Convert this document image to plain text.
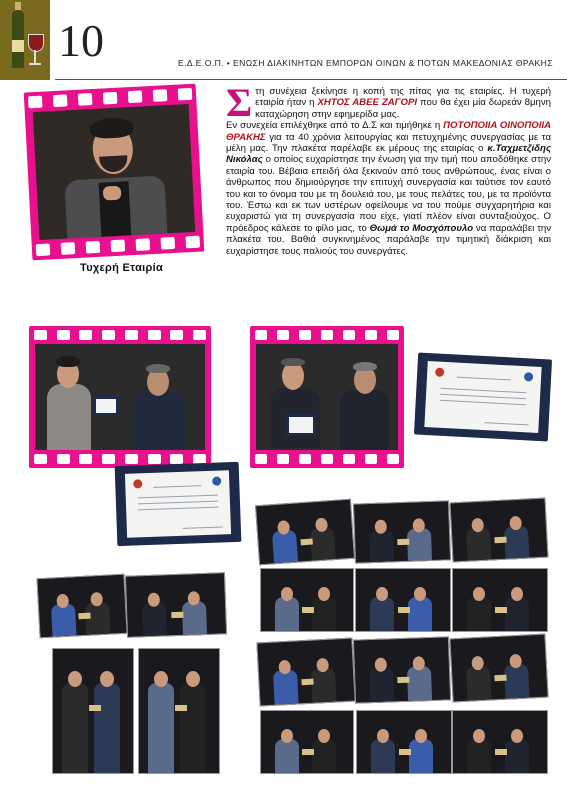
10	Ε.Δ.Ε.Ο.Π. • ΕΝΩΣΗ ΔΙΑΚΙΝΗΤΩΝ ΕΜΠΟΡΩΝ ΟΙΝΩΝ & ΠΟΤΩΝ ΜΑΚΕΔΟΝΙΑΣ ΘΡΑΚΗΣ
Τυχερή Εταιρία

Στη συνέχεια ξεκίνησε η κοπή της πίτας για τις εταιρίες. Η τυχερή εταιρία ήταν η ΧΗΤΟΣ ΑΒΕΕ ΖΑΓΟΡΙ που θα έχει μία δωρεάν 8μηνη καταχώρηση στην εφημερίδα μας.

Εν συνεχεία επιλέχθηκε από το Δ.Σ και τιμήθηκε η ΠΟΤΟΠΟΙΙΑ ΟΙΝΟΠΟΙΙΑ ΘΡΑΚΗΣ για τα 40 χρόνια λειτουργίας και πετυχημένης συνεργασίας με τα μέλη μας. Την πλακέτα παρέλαβε εκ μέρους της εταιρίας ο κ.Ταχμετζίδης Νικόλας ο οποίος ευχαρίστησε την ένωση για την τιμή που αποδόθηκε στην εταιρία του. Βέβαια επειδή όλα ξεκινούν από τους ανθρώπους, ένας είναι ο άνθρωπος που δημιούργησε την επιτυχή συνεργασία και ταύτισε τον εαυτό του και το όνομα του με τη δουλειά του, με τους πελάτες του, με τα προϊόντα του. Έστω και εκ των υστέρων οφείλουμε να του πούμε συγχαρητήρια και ευχαριστώ για τη συνεργασία που είχε, γιατί πλέον είναι συνταξιούχος. Ο πρόεδρος κάλεσε το φίλο μας, το Θωμά το Μοσχόπουλο να παραλάβει την πλακέτα του. Βαθιά συγκινημένος παράλαβε την τιμητική διάκριση και ευχαρίστησε τους παλιούς του συνεργάτες.
